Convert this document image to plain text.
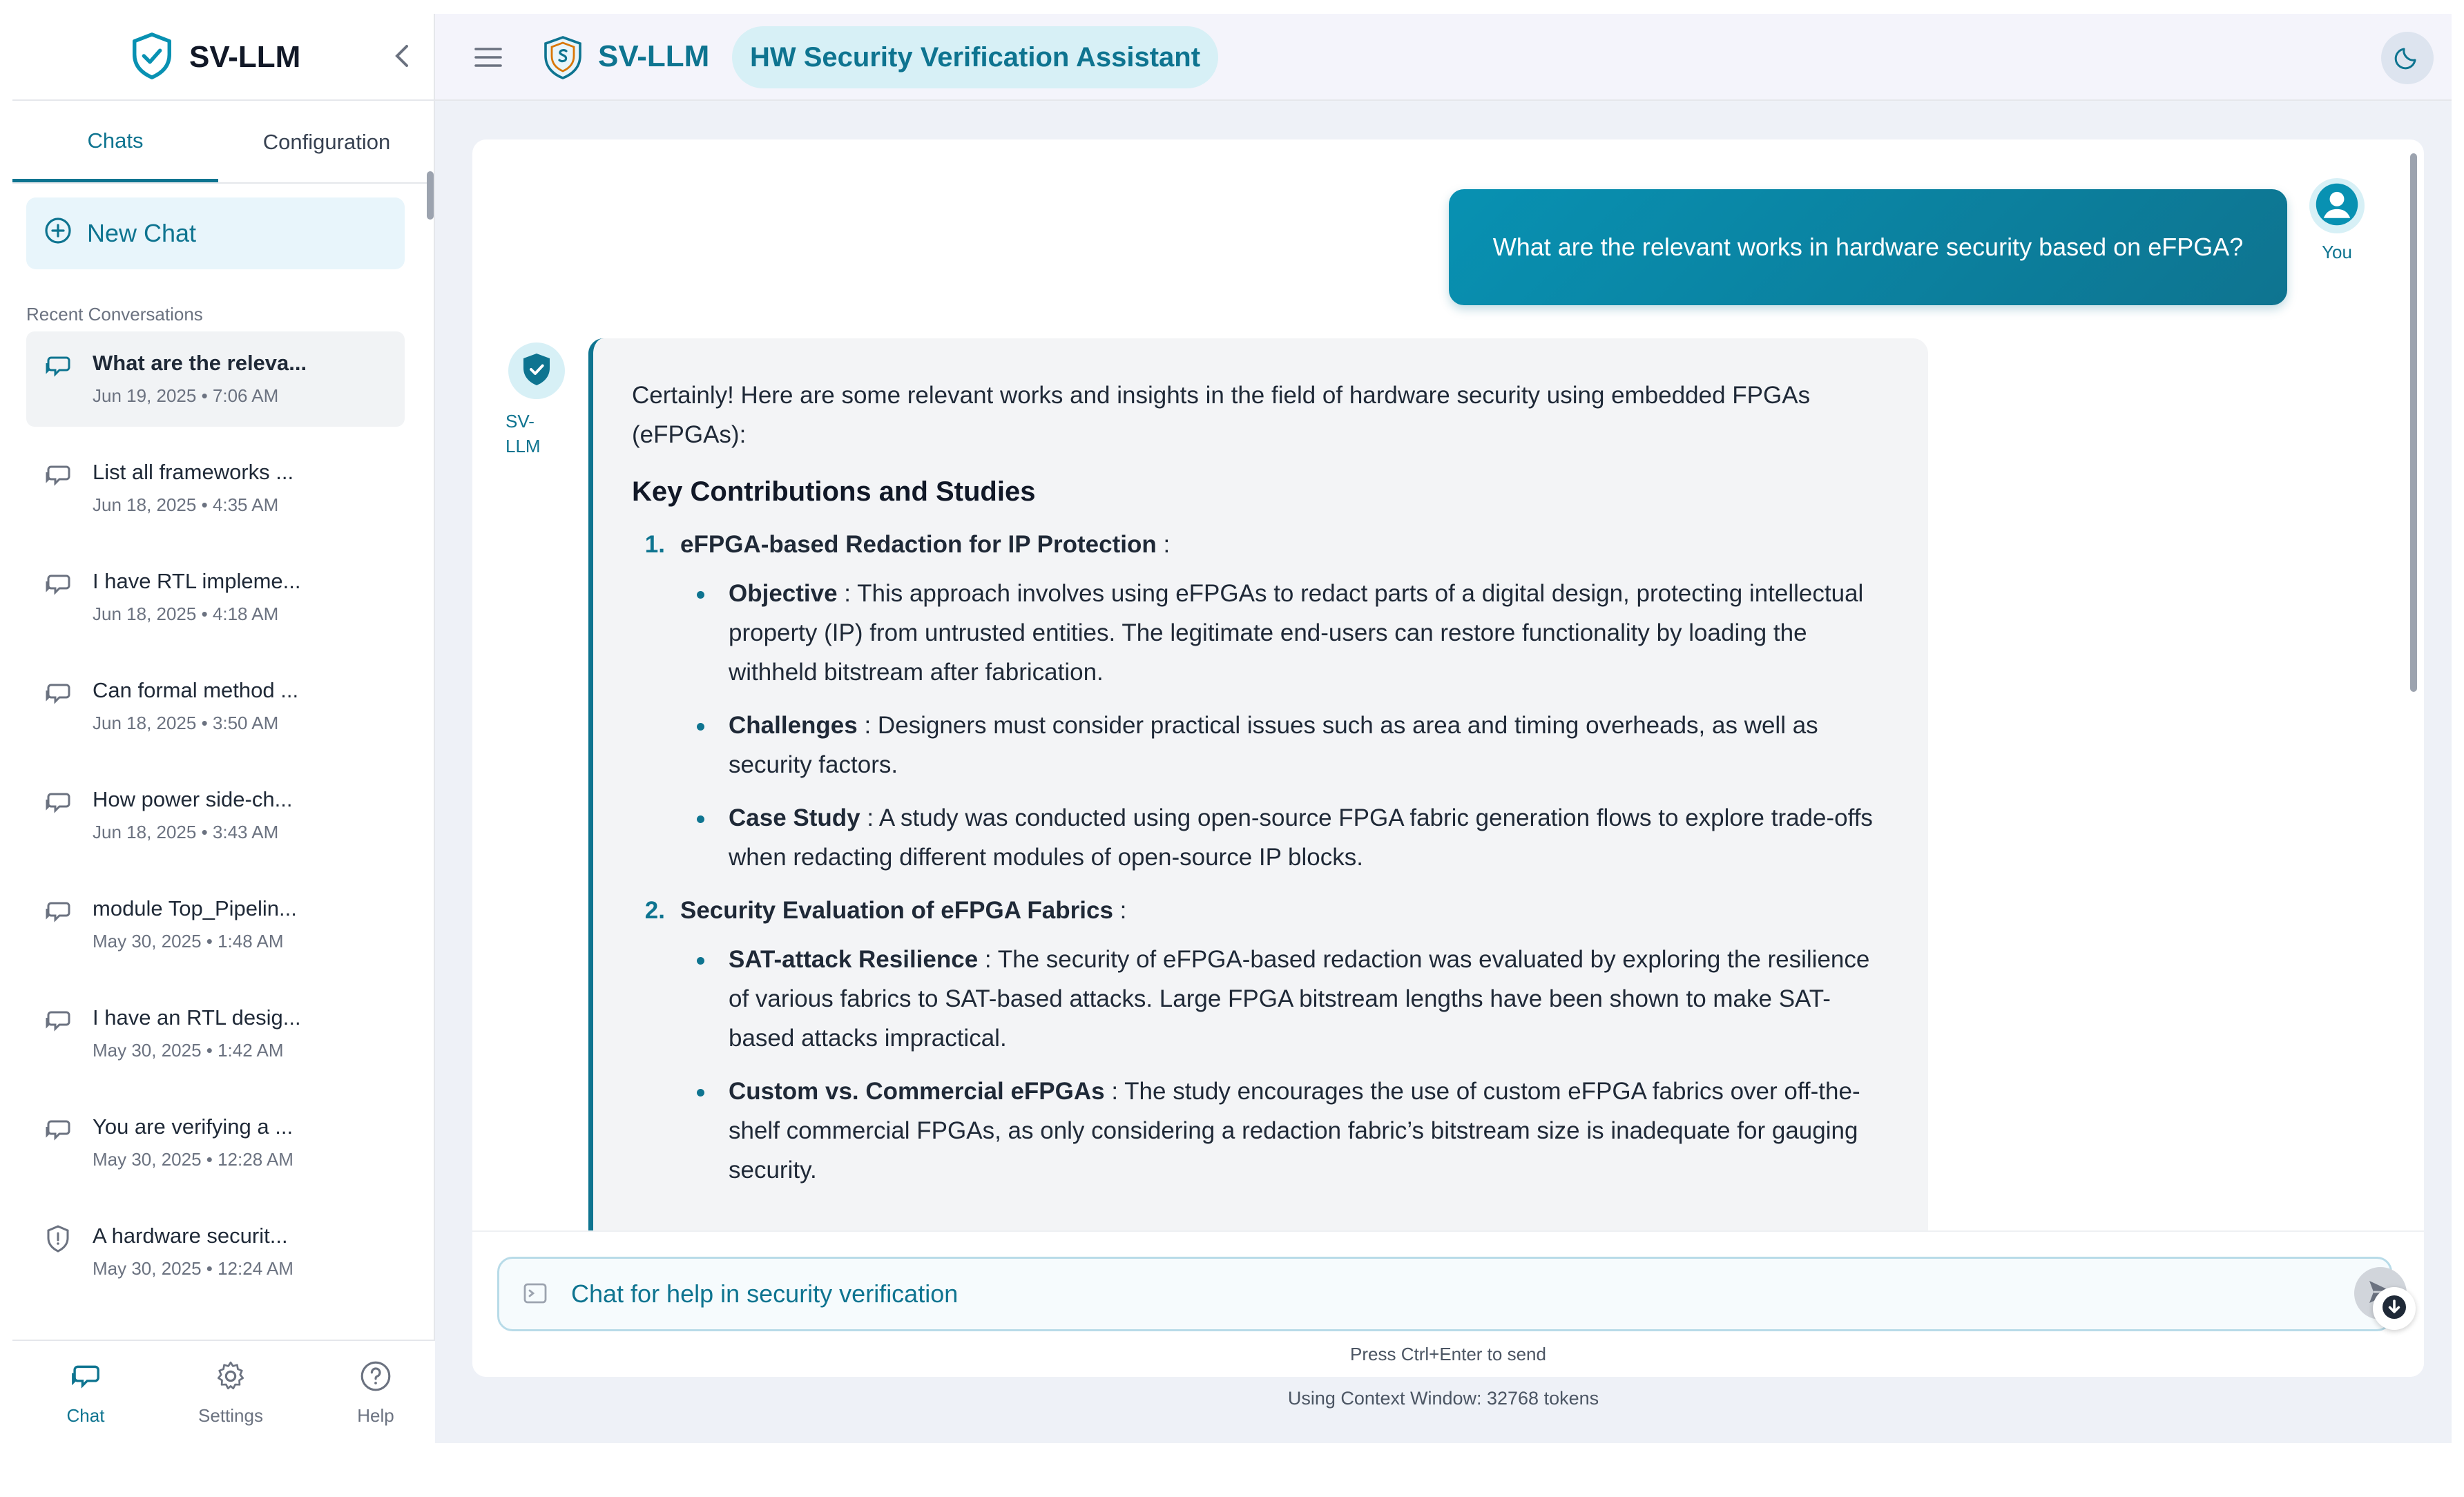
SV-LLM
Chats	Configuration
New Chat
Recent Conversations
What are the releva...
Jun 19, 2025 • 7:06 AM
List all frameworks ...
Jun 18, 2025 • 4:35 AM
I have RTL impleme...
Jun 18, 2025 • 4:18 AM
Can formal method ...
Jun 18, 2025 • 3:50 AM
How power side-ch...
Jun 18, 2025 • 3:43 AM
module Top_Pipelin...
May 30, 2025 • 1:48 AM
I have an RTL desig...
May 30, 2025 • 1:42 AM
You are verifying a ...
May 30, 2025 • 12:28 AM
A hardware securit...
May 30, 2025 • 12:24 AM
Chat	Settings	Help
SV-LLM	HW Security Verification Assistant
What are the relevant works in hardware security based on eFPGA?	You
SV-LLM

Certainly! Here are some relevant works and insights in the field of hardware security using embedded FPGAs (eFPGAs):

Key Contributions and Studies
1. eFPGA-based Redaction for IP Protection :
Objective : This approach involves using eFPGAs to redact parts of a digital design, protecting intellectual property (IP) from untrusted entities. The legitimate end-users can restore functionality by loading the withheld bitstream after fabrication.
Challenges : Designers must consider practical issues such as area and timing overheads, as well as security factors.
Case Study : A study was conducted using open-source FPGA fabric generation flows to explore trade-offs when redacting different modules of open-source IP blocks.
2. Security Evaluation of eFPGA Fabrics :
SAT-attack Resilience : The security of eFPGA-based redaction was evaluated by exploring the resilience of various fabrics to SAT-based attacks. Large FPGA bitstream lengths have been shown to make SAT-based attacks impractical.
Custom vs. Commercial eFPGAs : The study encourages the use of custom eFPGA fabrics over off-the-shelf commercial FPGAs, as only considering a redaction fabric’s bitstream size is inadequate for gauging security.
Chat for help in security verification
Press Ctrl+Enter to send
Using Context Window: 32768 tokens
